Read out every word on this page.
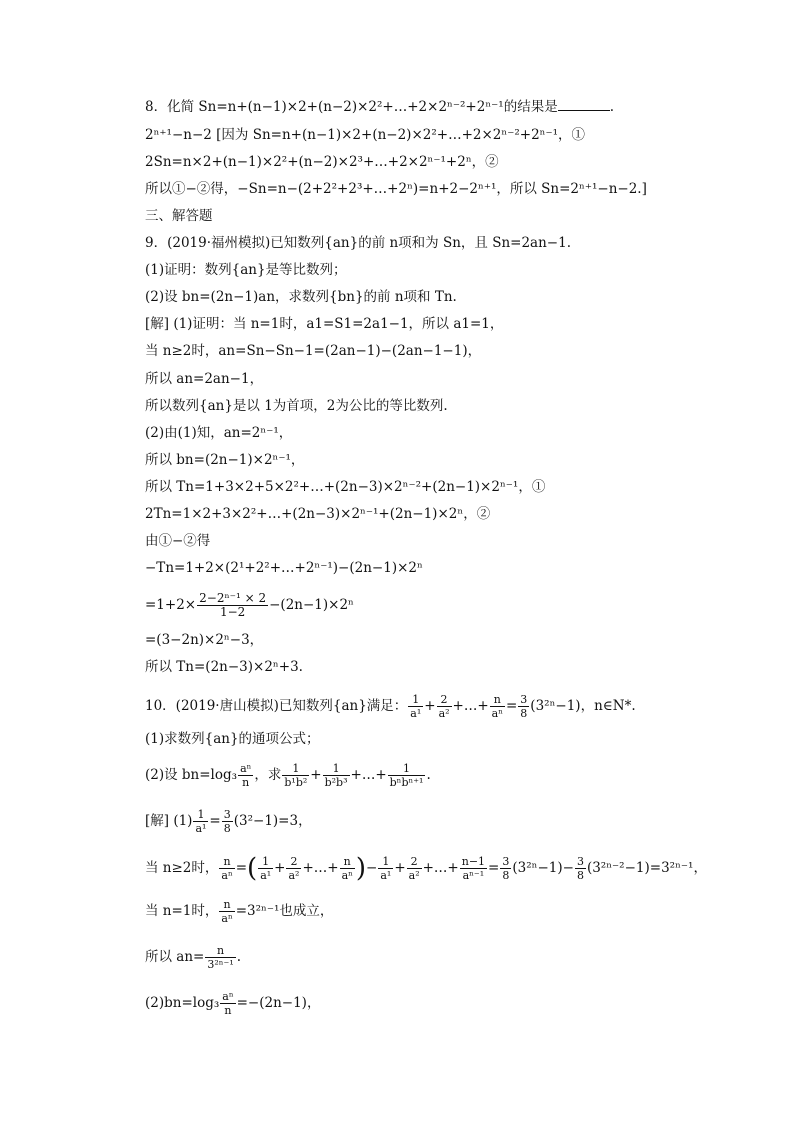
8．化简 Sn=n+(n−1)×2+(n−2)×2²+…+2×2ⁿ⁻²+2ⁿ⁻¹的结果是	.
2ⁿ⁺¹−n−2 [因为 Sn=n+(n−1)×2+(n−2)×2²+…+2×2ⁿ⁻²+2ⁿ⁻¹，①
2Sn=n×2+(n−1)×2²+(n−2)×2³+…+2×2ⁿ⁻¹+2ⁿ，②
所以①−②得，−Sn=n−(2+2²+2³+…+2ⁿ)=n+2−2ⁿ⁺¹，所以 Sn=2ⁿ⁺¹−n−2.]
三、解答题
9．(2019·福州模拟)已知数列{an}的前 n项和为 Sn，且 Sn=2an−1.
(1)证明：数列{an}是等比数列；
(2)设 bn=(2n−1)an，求数列{bn}的前 n项和 Tn.
[解] (1)证明：当 n=1时，a1=S1=2a1−1，所以 a1=1，
当 n≥2时，an=Sn−Sn−1=(2an−1)−(2an−1−1)，
所以 an=2an−1，
所以数列{an}是以 1为首项，2为公比的等比数列.
(2)由(1)知，an=2ⁿ⁻¹，
所以 bn=(2n−1)×2ⁿ⁻¹，
所以 Tn=1+3×2+5×2²+…+(2n−3)×2ⁿ⁻²+(2n−1)×2ⁿ⁻¹，①
2Tn=1×2+3×2²+…+(2n−3)×2ⁿ⁻¹+(2n−1)×2ⁿ，②
由①−②得
−Tn=1+2×(2¹+2²+…+2ⁿ⁻¹)−(2n−1)×2ⁿ
$=1+2\times \frac{\text{2−2ⁿ⁻¹ × 2}}{1-2} -(2n-1)\times 2^n$
=(3−2n)×2ⁿ−3，
所以 Tn=(2n−3)×2ⁿ+3.
10．(2019·唐山模拟)已知数列{an}满足： $\frac{1}{\text{a¹}} + \frac{2}{\text{a²}}$ +…+ $\frac{n}{\text{aⁿ}} = \frac{3}{8} (3^{2n}-1)$，n∈N*.
(1)求数列{an}的通项公式；
(2)设 $bn=\log_3 \frac{\text{aⁿ}}{n}$ ，求 $\frac{1}{\text{b¹b²}} + \frac{1}{\text{b²b³}}$ +…+ $\frac{1}{\text{bⁿbⁿ⁺¹}}$ .
[解] $(1) \frac{1}{\text{a¹}} = \frac{3}{8} (3^2-1)=3$，
当 n≥2时， $\frac{n}{\text{aⁿ}}$ =( $\frac{1}{\text{a¹}} + \frac{2}{\text{a²}}$ +…+ $\frac{n}{\text{aⁿ}}$ )− $\frac{1}{\text{a¹}} + \frac{2}{\text{a²}}$ +…+ $\frac{n-1}{\text{aⁿ⁻¹}} = \frac{3}{8} (3^{2n}-1)- \frac{3}{8} (3^{2n-2}-1)=3^{2n-1}$，
当 n=1时， $\frac{n}{\text{aⁿ}} =3^{2n-1}$也成立，
所以 $an= \frac{n}{\text{3²ⁿ⁻¹}}$ .
$(2)bn=\log_3 \frac{\text{aⁿ}}{n} =-(2n-1)$，
